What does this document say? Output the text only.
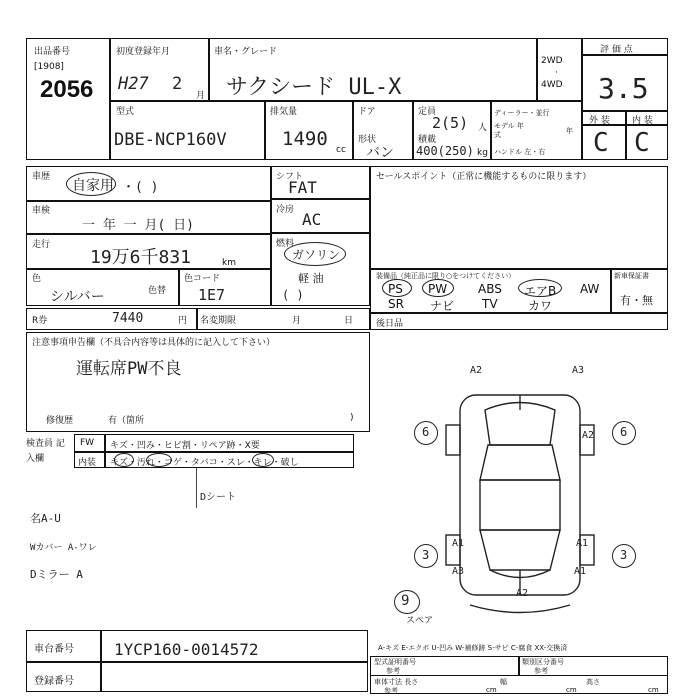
出品番号
[1908]
2056
初度登録年月
H27 2
月
車名・グレード
サクシード UL-X
2WD
·
4WD
評 価 点
3.5
外 装 内 装
C C
型式
DBE-NCP160V
排気量
1490 cc
ドア
形状
バン
定員
2(5) 人
積載
400(250) kg
ディーラー・並行
モデル 年式	年
ハンドル 左・右
車歴
自家用 ・( )
車検
一 年 一 月( 日)
走行
19万6千831	km
色
シルバー	色替
色コード
1E7
シフト
FAT
冷房 AC
燃料
ガソリン
軽 油
( )
R券	7440	円 名変期限	月	日
セールスポイント（正常に機能するものに限ります）
装備品（純正品に限り○をつけてください）	新車保証書
有・無
PS PW	ABS エアB AW
SR ナビ TV	カワ
後日品
注意事項申告欄（不具合内容等は具体的に記入して下さい）
運転席PW不良
修復歴	有（箇所	)
検査員 記入欄
FW キズ・凹み・ヒビ割・リペア跡・X要
内装 キズ・汚れ・コゲ・タバコ・スレ・キレ・破し
Dシート
名A-U
Wカバー A-ワレ
Dミラー A
A2	A3
6	A2 6
A1
3
A1
3
A3	A1
A2
9
スペア
車台番号	1YCP160-0014572
登録番号
A-キズ E-エクボ U-凹み W-補修跡 S-サビ C-腐食 XX-交換済
型式証明番号
参考
類別区分番号
参考
車体寸法 長さ
参考	cm
幅
cm
高さ
cm
